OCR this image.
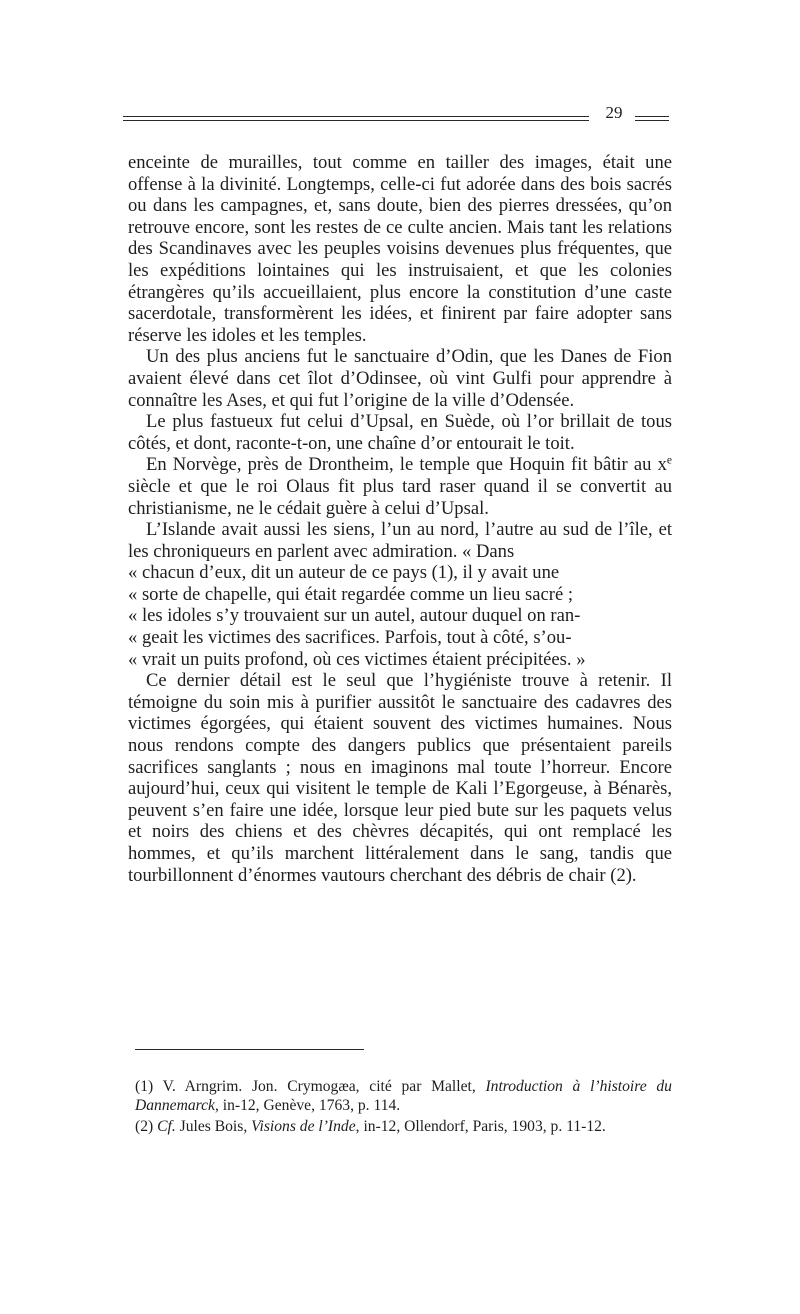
29

enceinte de murailles, tout comme en tailler des images, était une offense à la divinité. Longtemps, celle-ci fut adorée dans des bois sacrés ou dans les campagnes, et, sans doute, bien des pierres dressées, qu’on retrouve encore, sont les restes de ce culte ancien. Mais tant les relations des Scandinaves avec les peuples voisins devenues plus fréquentes, que les expéditions lointaines qui les instruisaient, et que les colonies étrangères qu’ils accueillaient, plus encore la constitution d’une caste sacerdotale, transformèrent les idées, et finirent par faire adopter sans réserve les idoles et les temples.

Un des plus anciens fut le sanctuaire d’Odin, que les Danes de Fion avaient élevé dans cet îlot d’Odinsee, où vint Gulfi pour apprendre à connaître les Ases, et qui fut l’origine de la ville d’Odensée.

Le plus fastueux fut celui d’Upsal, en Suède, où l’or brillait de tous côtés, et dont, raconte-t-on, une chaîne d’or entourait le toit.

En Norvège, près de Drontheim, le temple que Hoquin fit bâtir au $x^e$ siècle et que le roi Olaus fit plus tard raser quand il se convertit au christianisme, ne le cédait guère à celui d’Upsal.

L’Islande avait aussi les siens, l’un au nord, l’autre au sud de l’île, et les chroniqueurs en parlent avec admiration. « Dans
« chacun d’eux, dit un auteur de ce pays (1), il y avait une
« sorte de chapelle, qui était regardée comme un lieu sacré ;
« les idoles s’y trouvaient sur un autel, autour duquel on ran-
« geait les victimes des sacrifices. Parfois, tout à côté, s’ou-
« vrait un puits profond, où ces victimes étaient précipitées. »

Ce dernier détail est le seul que l’hygiéniste trouve à retenir. Il témoigne du soin mis à purifier aussitôt le sanctuaire des cadavres des victimes égorgées, qui étaient souvent des victimes humaines. Nous nous rendons compte des dangers publics que présentaient pareils sacrifices sanglants ; nous en imaginons mal toute l’horreur. Encore aujourd’hui, ceux qui visitent le temple de Kali l’Egorgeuse, à Bénarès, peuvent s’en faire une idée, lorsque leur pied bute sur les paquets velus et noirs des chiens et des chèvres décapités, qui ont remplacé les hommes, et qu’ils marchent littéralement dans le sang, tandis que tourbillonnent d’énormes vautours cherchant des débris de chair (2).

(1) V. Arngrim. Jon. Crymogæa, cité par Mallet, Introduction à l’histoire du Dannemarck, in-12, Genève, 1763, p. 114.

(2) Cf. Jules Bois, Visions de l’Inde, in-12, Ollendorf, Paris, 1903, p. 11-12.
